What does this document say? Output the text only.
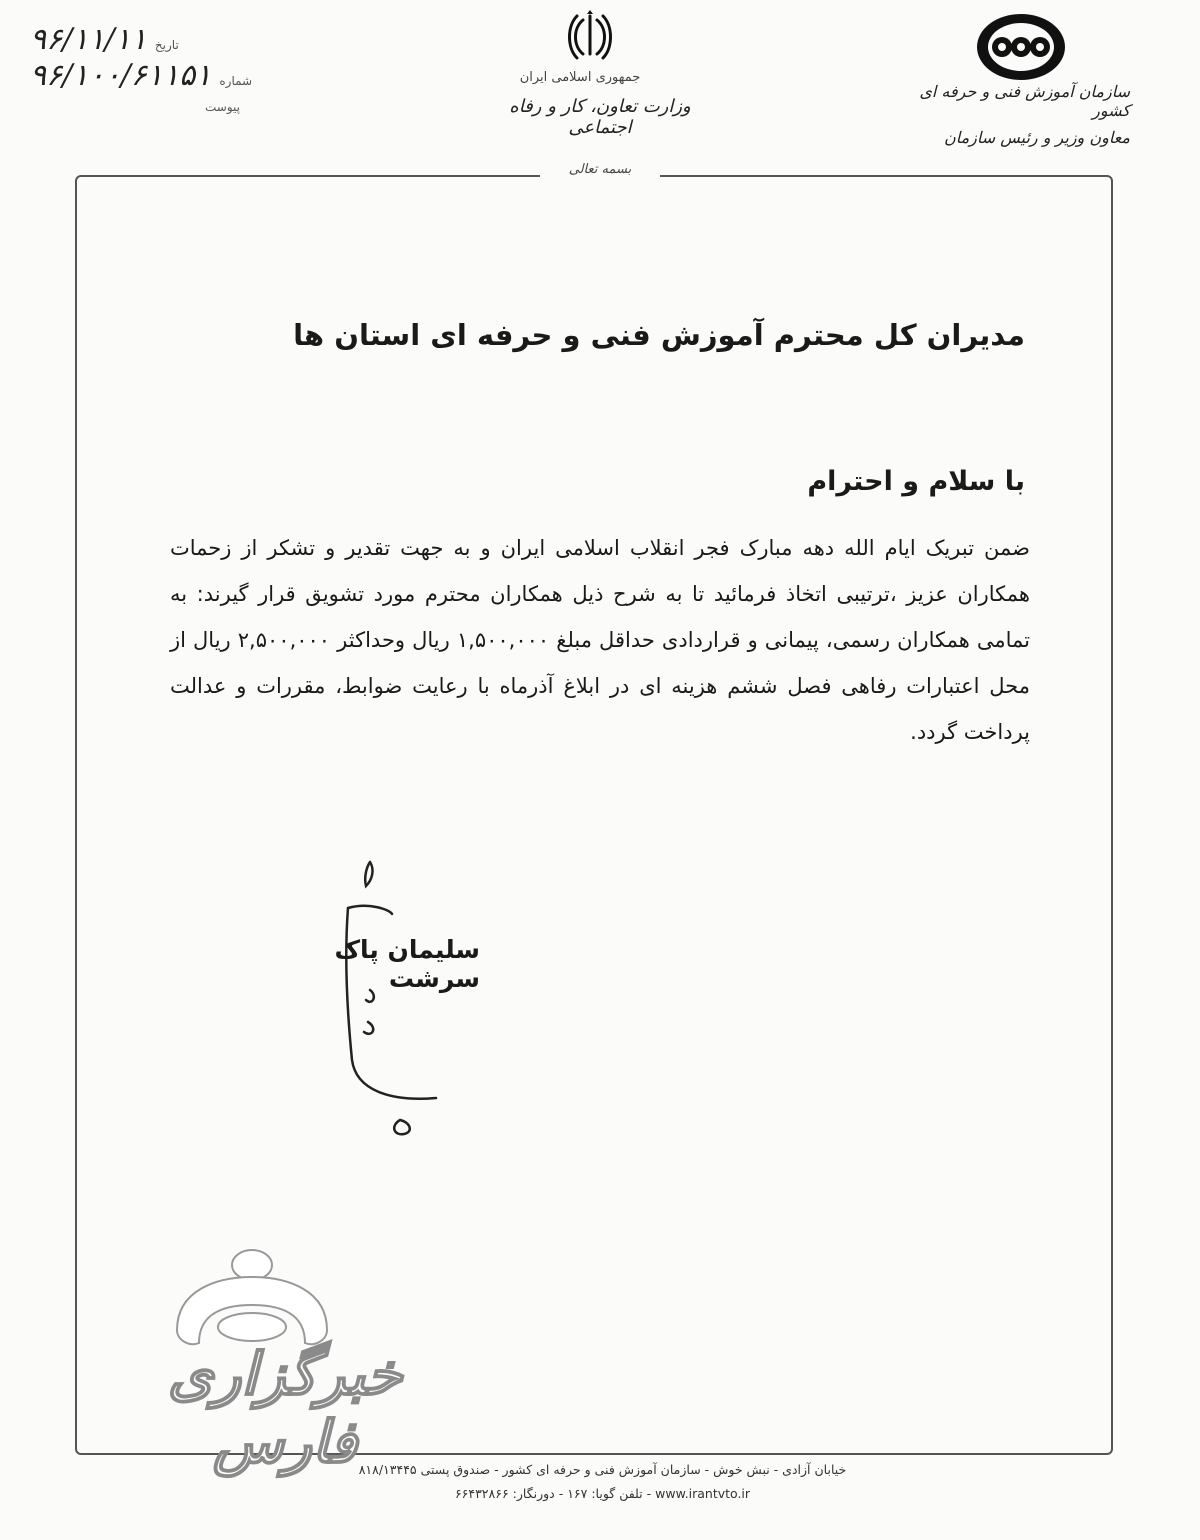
۹۶/۱۱/۱۱ تاریخ
۹۶/۱۰۰/۶۱۱۵۱ شماره
پیوست
جمهوری اسلامی ایران
وزارت تعاون، کار و رفاه اجتماعی
سازمان آموزش فنی و حرفه ای کشور
معاون وزیر و رئیس سازمان
بسمه تعالی
مدیران کل محترم آموزش فنی و حرفه ای استان ها
با سلام و احترام
ضمن تبریک ایام الله دهه مبارک فجر انقلاب اسلامی ایران و به جهت تقدیر و تشکر از زحمات همکاران عزیز ،ترتیبی اتخاذ فرمائید تا به شرح ذیل همکاران محترم مورد تشویق قرار گیرند: به تمامی همکاران رسمی، پیمانی و قراردادی حداقل مبلغ ۱,۵۰۰,۰۰۰ ریال وحداکثر ۲,۵۰۰,۰۰۰ ریال از محل اعتبارات رفاهی فصل ششم هزینه ای در ابلاغ آذرماه با رعایت ضوابط، مقررات و عدالت پرداخت گردد.
سلیمان پاک سرشت
خبرگزاری فارس خیابان آزادی - نبش خوش - سازمان آموزش فنی و حرفه ای کشور - صندوق پستی ۸۱۸/۱۳۴۴۵
www.irantvto.ir - تلفن گویا: ۱۶۷ - دورنگار: ۶۶۴۳۲۸۶۶
